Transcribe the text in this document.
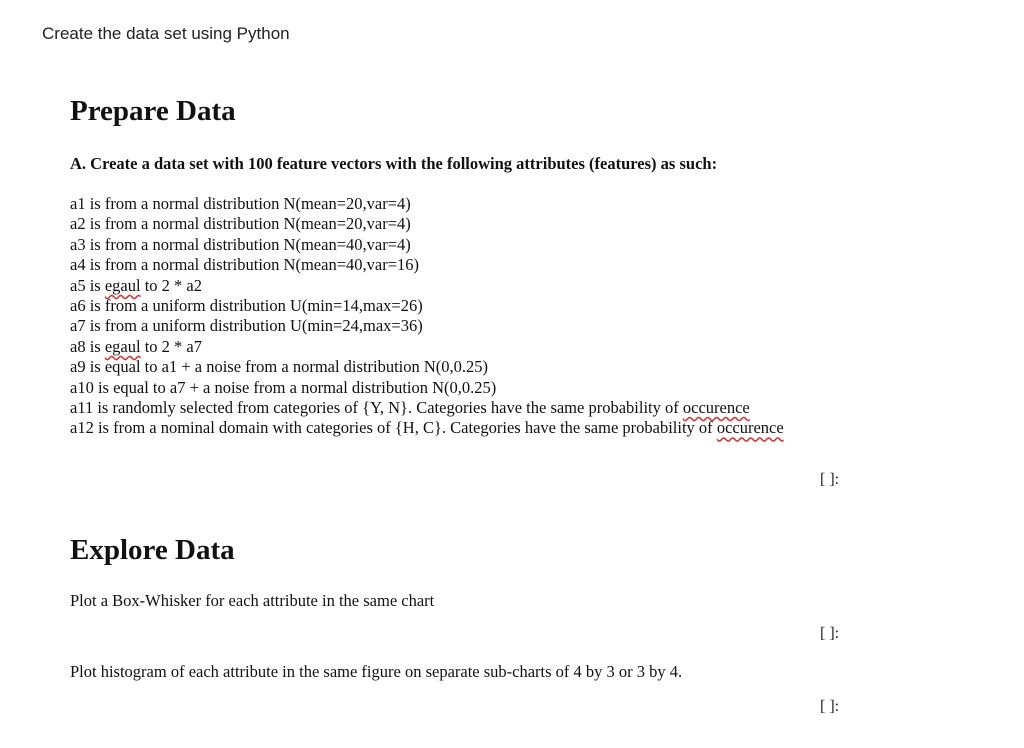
Create the data set using Python
Prepare Data
A. Create a data set with 100 feature vectors with the following attributes (features) as such:
a1 is from a normal distribution N(mean=20,var=4)
a2 is from a normal distribution N(mean=20,var=4)
a3 is from a normal distribution N(mean=40,var=4)
a4 is from a normal distribution N(mean=40,var=16)
a5 is egaul to 2 * a2
a6 is from a uniform distribution U(min=14,max=26)
a7 is from a uniform distribution U(min=24,max=36)
a8 is egaul to 2 * a7
a9 is equal to a1 + a noise from a normal distribution N(0,0.25)
a10 is equal to a7 + a noise from a normal distribution N(0,0.25)
a11 is randomly selected from categories of {Y, N}. Categories have the same probability of occurence
a12 is from a nominal domain with categories of {H, C}. Categories have the same probability of occurence
Explore Data
Plot a Box-Whisker for each attribute in the same chart
Plot histogram of each attribute in the same figure on separate sub-charts of 4 by 3 or 3 by 4.
[ ]:
[ ]:
[ ]:
